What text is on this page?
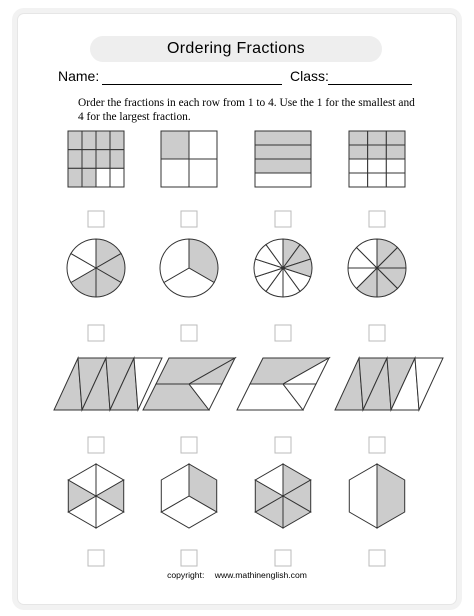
Ordering Fractions
Name:	Class:
Order the fractions in each row from 1 to 4. Use the 1 for the smallest and
4 for the largest fraction.
copyright: www.mathinenglish.com
